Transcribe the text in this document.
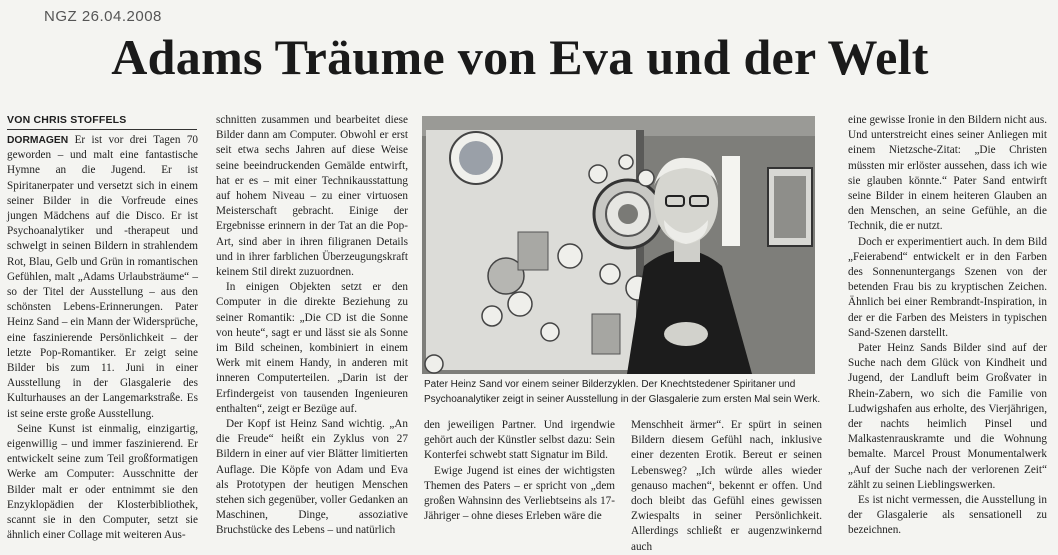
NGZ 26.04.2008
Adams Träume von Eva und der Welt
VON CHRIS STOFFELS

DORMAGEN Er ist vor drei Tagen 70 geworden – und malt eine fantastische Hymne an die Jugend. Er ist Spiritanerpater und versetzt sich in einem seiner Bilder in die Vorfreude eines jungen Mädchens auf die Disco. Er ist Psychoanalytiker und -therapeut und schwelgt in seinen Bildern in strahlendem Rot, Blau, Gelb und Grün in romantischen Gefühlen, malt „Adams Urlaubsträume“ – so der Titel der Ausstellung – aus den schönsten Lebens-Erinnerungen. Pater Heinz Sand – ein Mann der Widersprüche, eine faszinierende Persönlichkeit – der letzte Pop-Romantiker. Er zeigt seine Bilder bis zum 11. Juni in einer Ausstellung in der Glasgalerie des Kulturhauses an der Langemarkstraße. Es ist seine erste große Ausstellung.

Seine Kunst ist einmalig, einzigartig, eigenwillig – und immer faszinierend. Er entwickelt seine zum Teil großformatigen Werke am Computer: Ausschnitte der Bilder malt er oder entnimmt sie den Enzyklopädien der Klosterbibliothek, scannt sie in den Computer, setzt sie ähnlich einer Collage mit weiteren Aus-

schnitten zusammen und bearbeitet diese Bilder dann am Computer. Obwohl er erst seit etwa sechs Jahren auf diese Weise seine beeindruckenden Gemälde entwirft, hat er es – mit einer Technikausstattung auf hohem Niveau – zu einer virtuosen Meisterschaft gebracht. Einige der Ergebnisse erinnern in der Tat an die Pop-Art, sind aber in ihren filigranen Details und in ihrer farblichen Überzeugungskraft keinem Stil direkt zuzuordnen.

In einigen Objekten setzt er den Computer in die direkte Beziehung zu seiner Romantik: „Die CD ist die Sonne von heute“, sagt er und lässt sie als Sonne im Bild scheinen, kombiniert in einem Werk mit einem Handy, in anderen mit inneren Computerteilen. „Darin ist der Erfindergeist von tausenden Ingenieuren enthalten“, zeigt er Bezüge auf.

Der Kopf ist Heinz Sand wichtig. „An die Freude“ heißt ein Zyklus von 27 Bildern in einer auf vier Blätter limitierten Auflage. Die Köpfe von Adam und Eva als Prototypen der heutigen Menschen stehen sich gegenüber, voller Gedanken an Maschinen, Dinge, assoziative Bruchstücke des Lebens – und natürlich

Pater Heinz Sand vor einem seiner Bilderzyklen. Der Knechtstedener Spiritaner und Psychoanalytiker zeigt in seiner Ausstellung in der Glasgalerie zum ersten Mal sein Werk.

den jeweiligen Partner. Und irgendwie gehört auch der Künstler selbst dazu: Sein Konterfei schwebt statt Signatur im Bild.

Ewige Jugend ist eines der wichtigsten Themen des Paters – er spricht von „dem großen Wahnsinn des Verliebtseins als 17-Jähriger – ohne dieses Erleben wäre die

Menschheit ärmer“. Er spürt in seinen Bildern diesem Gefühl nach, inklusive einer dezenten Erotik. Bereut er seinen Lebensweg? „Ich würde alles wieder genauso machen“, bekennt er offen. Und doch bleibt das Gefühl eines gewissen Zwiespalts in seiner Persönlichkeit. Allerdings schließt er augenzwinkernd auch

eine gewisse Ironie in den Bildern nicht aus. Und unterstreicht eines seiner Anliegen mit einem Nietzsche-Zitat: „Die Christen müssten mir erlöster aussehen, dass ich wie sie glauben könnte.“ Pater Sand entwirft seine Bilder in einem heiteren Glauben an den Menschen, an seine Gefühle, an die Technik, die er nutzt.

Doch er experimentiert auch. In dem Bild „Feierabend“ entwickelt er in den Farben des Sonnenuntergangs Szenen von der betenden Frau bis zu kryptischen Zeichen. Ähnlich bei einer Rembrandt-Inspiration, in der er die Farben des Meisters in typischen Sand-Szenen darstellt.

Pater Heinz Sands Bilder sind auf der Suche nach dem Glück von Kindheit und Jugend, der Landluft beim Großvater in Rhein-Zabern, wo sich die Familie von Ludwigshafen aus erholte, des Vierjährigen, der nachts heimlich Pinsel und Malkastenrauskramte und die Wohnung bemalte. Marcel Proust Monumentalwerk „Auf der Suche nach der verlorenen Zeit“ zählt zu seinen Lieblingswerken.

Es ist nicht vermessen, die Ausstellung in der Glasgalerie als sensationell zu bezeichnen.
